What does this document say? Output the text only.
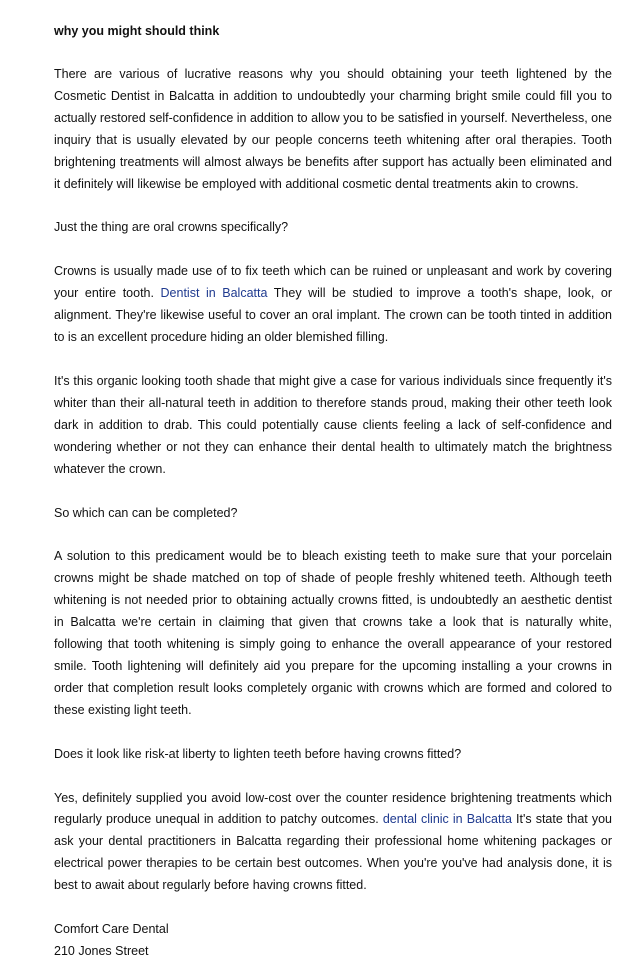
why you might should think

There are various of lucrative reasons why you should obtaining your teeth lightened by the Cosmetic Dentist in Balcatta in addition to undoubtedly your charming bright smile could fill you to actually restored self-confidence in addition to allow you to be satisfied in yourself. Nevertheless, one inquiry that is usually elevated by our people concerns teeth whitening after oral therapies. Tooth brightening treatments will almost always be benefits after support has actually been eliminated and it definitely will likewise be employed with additional cosmetic dental treatments akin to crowns.

Just the thing are oral crowns specifically?

Crowns is usually made use of to fix teeth which can be ruined or unpleasant and work by covering your entire tooth. Dentist in Balcatta They will be studied to improve a tooth's shape, look, or alignment. They're likewise useful to cover an oral implant. The crown can be tooth tinted in addition to is an excellent procedure hiding an older blemished filling.

It's this organic looking tooth shade that might give a case for various individuals since frequently it's whiter than their all-natural teeth in addition to therefore stands proud, making their other teeth look dark in addition to drab. This could potentially cause clients feeling a lack of self-confidence and wondering whether or not they can enhance their dental health to ultimately match the brightness whatever the crown.

So which can can be completed?

A solution to this predicament would be to bleach existing teeth to make sure that your porcelain crowns might be shade matched on top of shade of people freshly whitened teeth. Although teeth whitening is not needed prior to obtaining actually crowns fitted, is undoubtedly an aesthetic dentist in Balcatta we're certain in claiming that given that crowns take a look that is naturally white, following that tooth whitening is simply going to enhance the overall appearance of your restored smile. Tooth lightening will definitely aid you prepare for the upcoming installing a your crowns in order that completion result looks completely organic with crowns which are formed and colored to these existing light teeth.

Does it look like risk-at liberty to lighten teeth before having crowns fitted?

Yes, definitely supplied you avoid low-cost over the counter residence brightening treatments which regularly produce unequal in addition to patchy outcomes. dental clinic in Balcatta It's state that you ask your dental practitioners in Balcatta regarding their professional home whitening packages or electrical power therapies to be certain best outcomes. When you're you've had analysis done, it is best to await about regularly before having crowns fitted.

Comfort Care Dental

210 Jones Street
